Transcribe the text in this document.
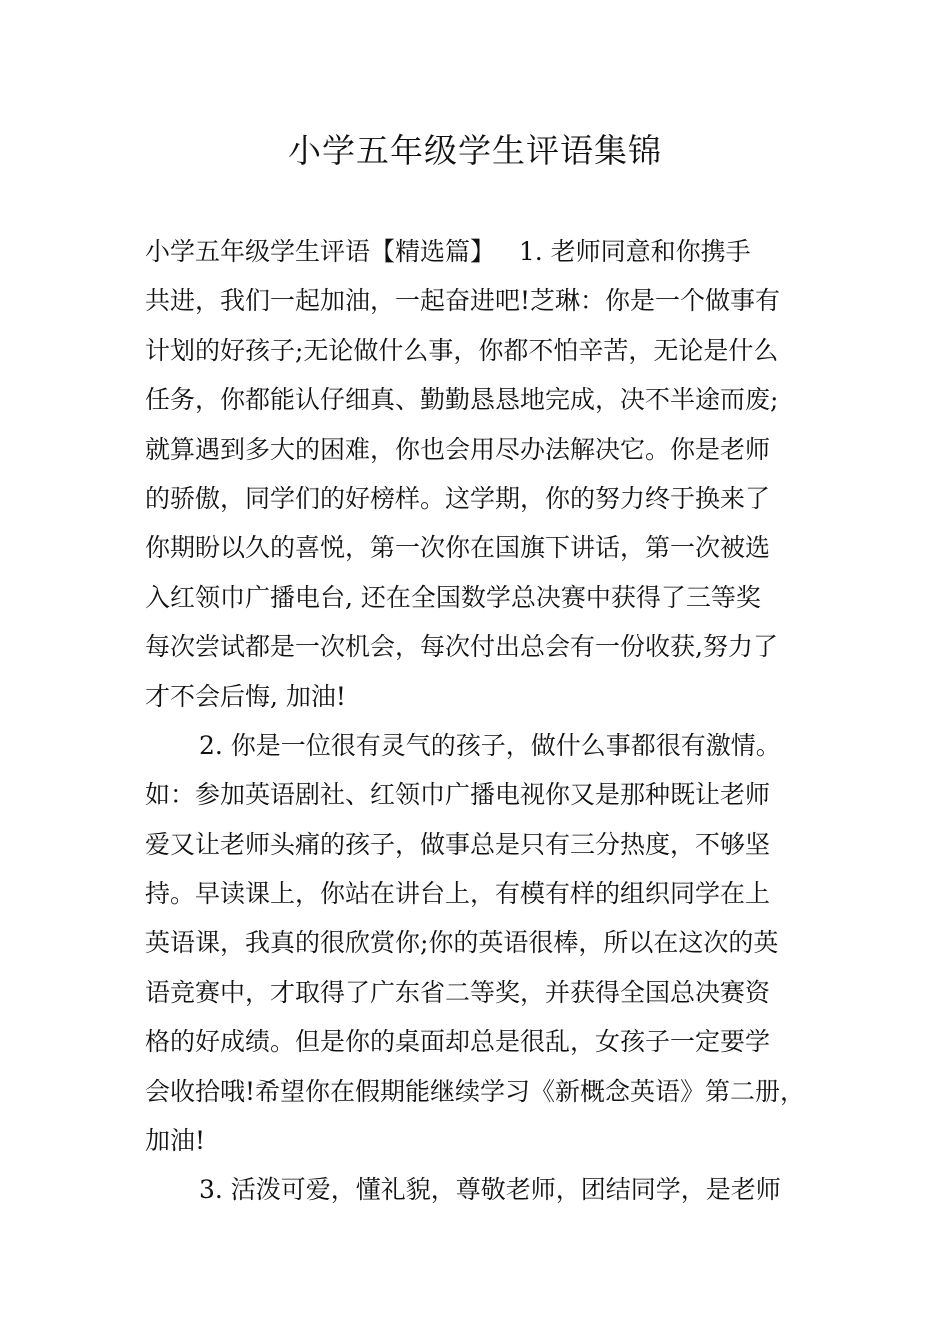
小学五年级学生评语集锦
小学五年级学生评语【精选篇】   1. 老师同意和你携手
共进，我们一起加油，一起奋进吧!芝琳：你是一个做事有
计划的好孩子;无论做什么事，你都不怕辛苦，无论是什么
任务，你都能认仔细真、勤勤恳恳地完成，决不半途而废;
就算遇到多大的困难，你也会用尽办法解决它。你是老师
的骄傲，同学们的好榜样。这学期，你的努力终于换来了
你期盼以久的喜悦，第一次你在国旗下讲话，第一次被选
入红领巾广播电台, 还在全国数学总决赛中获得了三等奖
每次尝试都是一次机会，每次付出总会有一份收获,努力了
才不会后悔, 加油!
2. 你是一位很有灵气的孩子，做什么事都很有激情。
如：参加英语剧社、红领巾广播电视你又是那种既让老师
爱又让老师头痛的孩子，做事总是只有三分热度，不够坚
持。早读课上，你站在讲台上，有模有样的组织同学在上
英语课，我真的很欣赏你;你的英语很棒，所以在这次的英
语竞赛中，才取得了广东省二等奖，并获得全国总决赛资
格的好成绩。但是你的桌面却总是很乱，女孩子一定要学
会收拾哦!希望你在假期能继续学习《新概念英语》第二册，
加油!
3. 活泼可爱，懂礼貌，尊敬老师，团结同学，是老师
